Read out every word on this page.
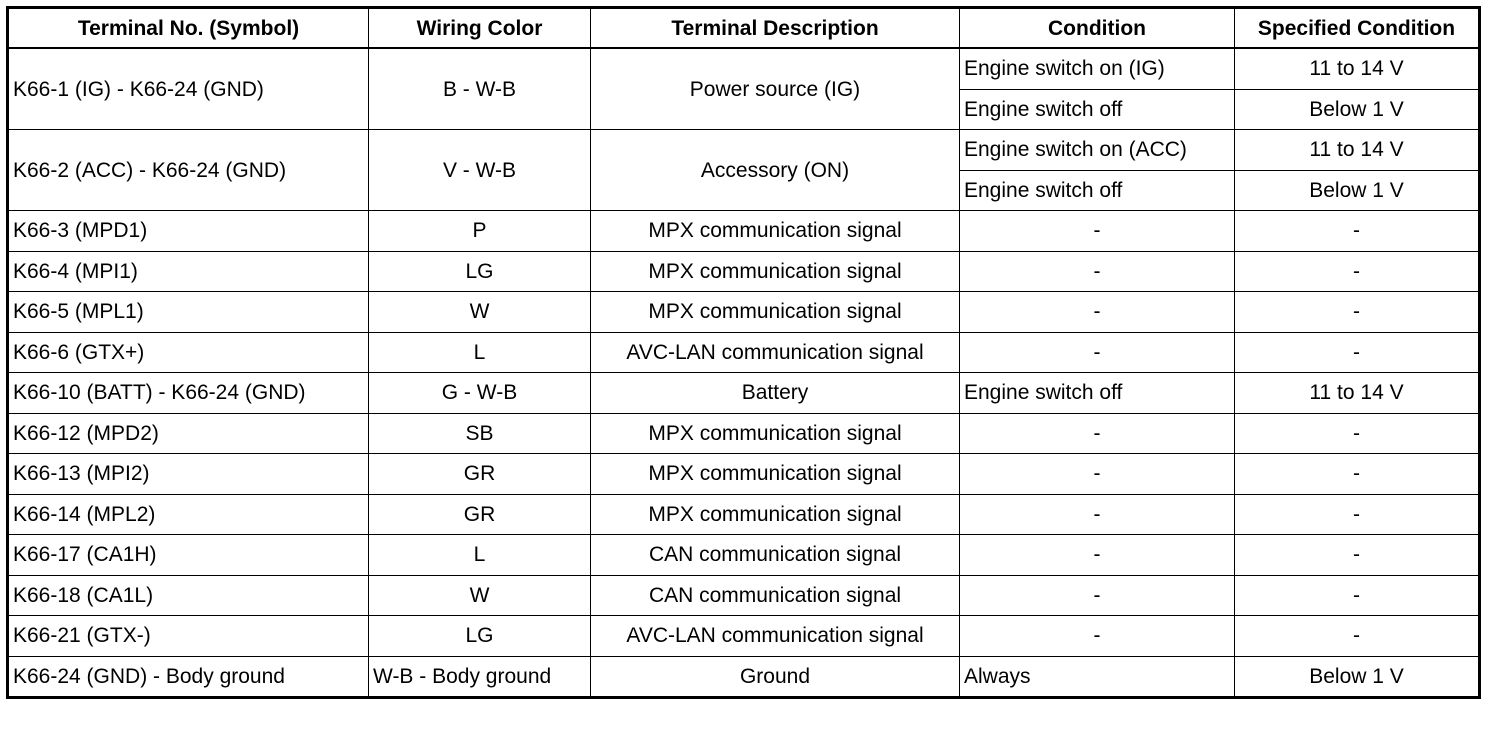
Terminal No. (Symbol)	Wiring Color	Terminal Description	Condition	Specified Condition
K66-1 (IG) - K66-24 (GND)	B - W-B	Power source (IG)	Engine switch on (IG)	11 to 14 V
			Engine switch off	Below 1 V
K66-2 (ACC) - K66-24 (GND)	V - W-B	Accessory (ON)	Engine switch on (ACC)	11 to 14 V
			Engine switch off	Below 1 V
K66-3 (MPD1)	P	MPX communication signal	-	-
K66-4 (MPI1)	LG	MPX communication signal	-	-
K66-5 (MPL1)	W	MPX communication signal	-	-
K66-6 (GTX+)	L	AVC-LAN communication signal	-	-
K66-10 (BATT) - K66-24 (GND)	G - W-B	Battery	Engine switch off	11 to 14 V
K66-12 (MPD2)	SB	MPX communication signal	-	-
K66-13 (MPI2)	GR	MPX communication signal	-	-
K66-14 (MPL2)	GR	MPX communication signal	-	-
K66-17 (CA1H)	L	CAN communication signal	-	-
K66-18 (CA1L)	W	CAN communication signal	-	-
K66-21 (GTX-)	LG	AVC-LAN communication signal	-	-
K66-24 (GND) - Body ground	W-B - Body ground	Ground	Always	Below 1 V
